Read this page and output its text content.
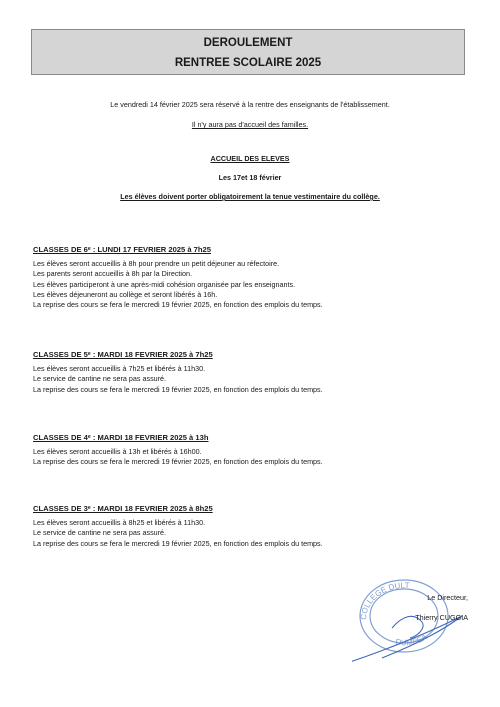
DEROULEMENT
RENTREE SCOLAIRE 2025
Le vendredi 14 février 2025 sera réservé à la rentre des enseignants de l'établissement.
Il n'y aura pas d'accueil des familles.
ACCUEIL DES ELEVES
Les 17et 18 février
Les élèves doivent porter obligatoirement la tenue vestimentaire du collège.
CLASSES DE 6ᵉ : LUNDI 17 FEVRIER 2025 à 7h25
Les élèves seront accueillis à 8h pour prendre un petit déjeuner au réfectoire.
Les parents seront accueillis à 8h par la Direction.
Les élèves participeront à une après-midi cohésion organisée par les enseignants.
Les élèves déjeuneront au collège et seront libérés à 16h.
La reprise des cours se fera le mercredi 19 février 2025, en fonction des emplois du temps.
CLASSES DE 5ᵉ : MARDI 18 FEVRIER 2025 à 7h25
Les élèves seront accueillis à 7h25 et libérés à 11h30.
Le service de cantine ne sera pas assuré.
La reprise des cours se fera le mercredi 19 février 2025, en fonction des emplois du temps.
CLASSES DE 4ᵉ : MARDI 18 FEVRIER 2025 à 13h
Les élèves seront accueillis à 13h et libérés à 16h00.
La reprise des cours se fera le mercredi 19 février 2025, en fonction des emplois du temps.
CLASSES DE 3ᵉ : MARDI 18 FEVRIER 2025 à 8h25
Les élèves seront accueillis à 8h25 et libérés à 11h30.
Le service de cantine ne sera pas assuré.
La reprise des cours se fera le mercredi 19 février 2025, en fonction des emplois du temps.
COLLEGE DULT
DUMBEA
Le Directeur,
Thierry CUGGIA
